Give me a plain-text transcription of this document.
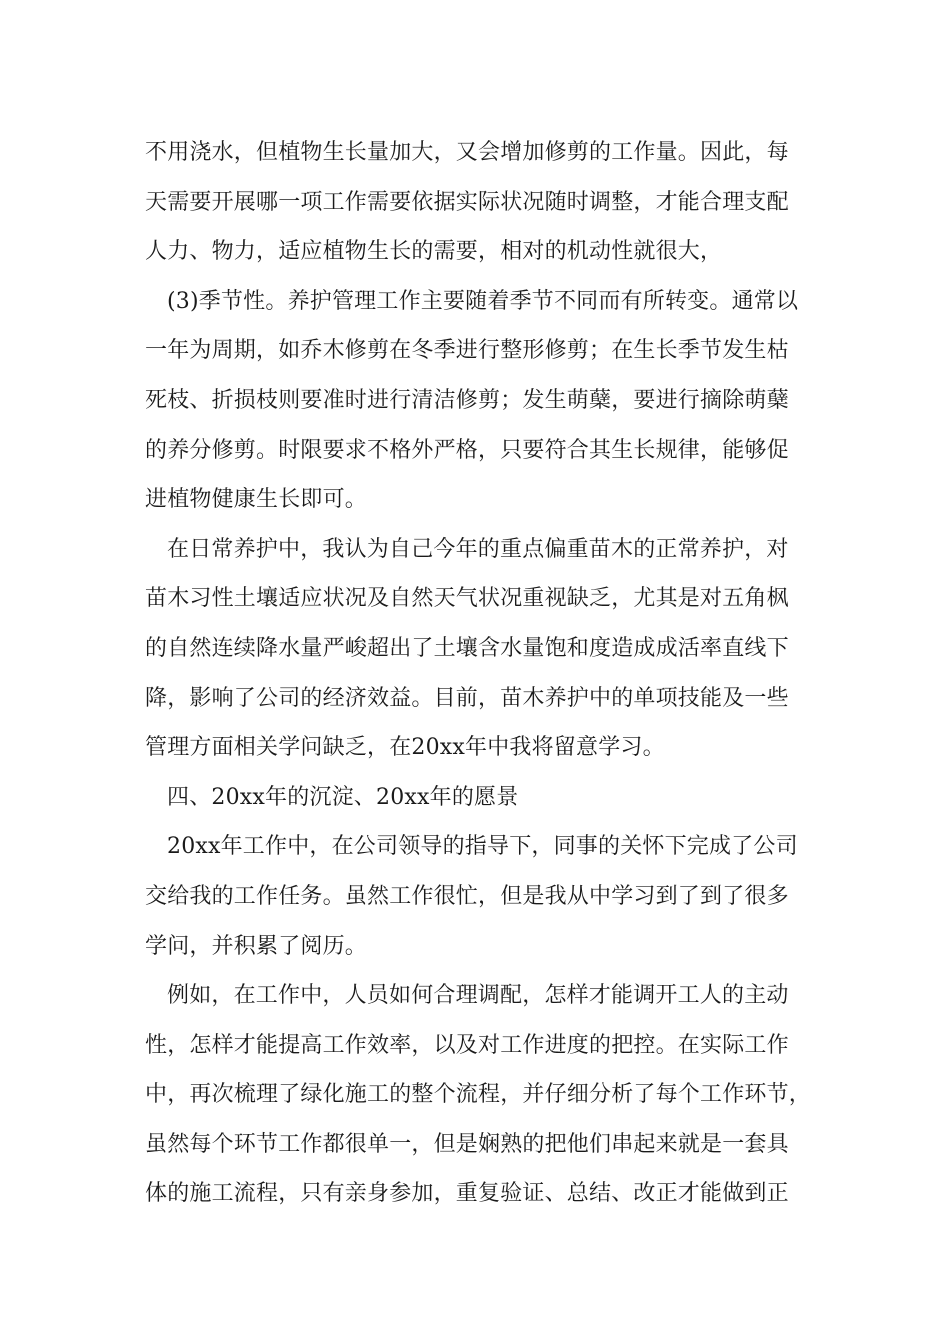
不用浇水，但植物生长量加大，又会增加修剪的工作量。因此，每
天需要开展哪一项工作需要依据实际状况随时调整，才能合理支配
人力、物力，适应植物生长的需要，相对的机动性就很大，

(3)季节性。养护管理工作主要随着季节不同而有所转变。通常以
一年为周期，如乔木修剪在冬季进行整形修剪；在生长季节发生枯
死枝、折损枝则要准时进行清洁修剪；发生萌蘖，要进行摘除萌蘖
的养分修剪。时限要求不格外严格，只要符合其生长规律，能够促
进植物健康生长即可。

在日常养护中，我认为自己今年的重点偏重苗木的正常养护，对
苗木习性土壤适应状况及自然天气状况重视缺乏，尤其是对五角枫
的自然连续降水量严峻超出了土壤含水量饱和度造成成活率直线下
降，影响了公司的经济效益。目前，苗木养护中的单项技能及一些
管理方面相关学问缺乏，在20xx年中我将留意学习。

四、20xx年的沉淀、20xx年的愿景

20xx年工作中，在公司领导的指导下，同事的关怀下完成了公司
交给我的工作任务。虽然工作很忙，但是我从中学习到了到了很多
学问，并积累了阅历。

例如，在工作中，人员如何合理调配，怎样才能调开工人的主动
性，怎样才能提高工作效率，以及对工作进度的把控。在实际工作
中，再次梳理了绿化施工的整个流程，并仔细分析了每个工作环节，
虽然每个环节工作都很单一，但是娴熟的把他们串起来就是一套具
体的施工流程，只有亲身参加，重复验证、总结、改正才能做到正
